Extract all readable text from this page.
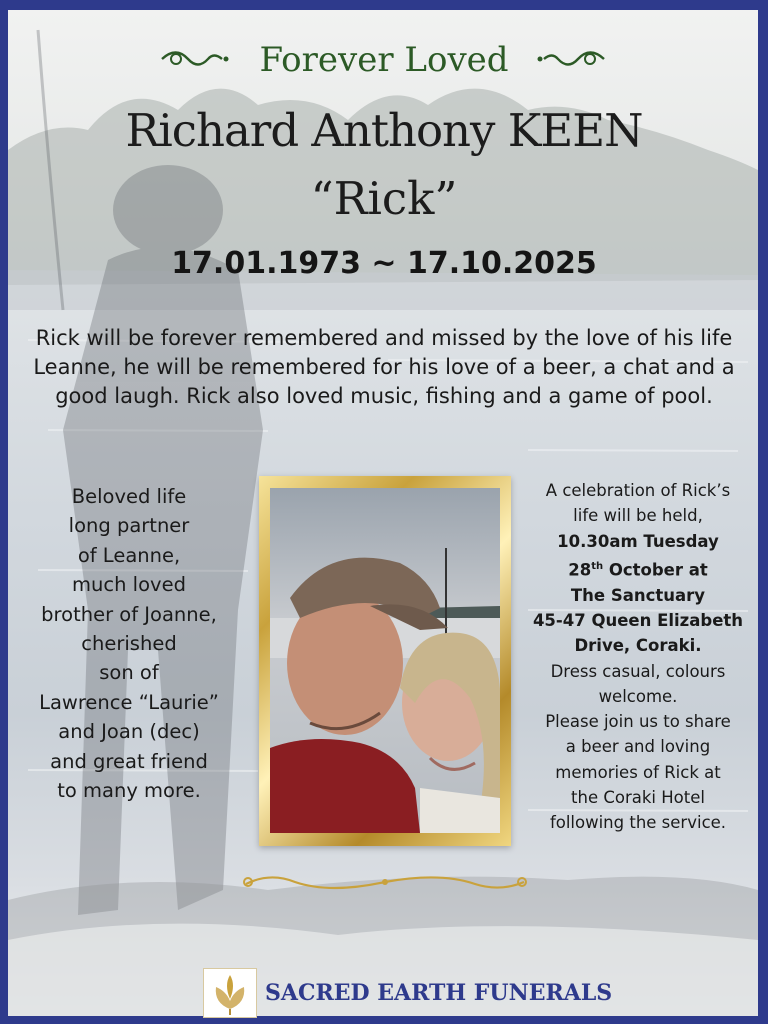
Forever Loved
Richard Anthony KEEN
“Rick”
17.01.1973 ~ 17.10.2025
Rick will be forever remembered and missed by the love of his life Leanne, he will be remembered for his love of a beer, a chat and a good laugh. Rick also loved music, fishing and a game of pool.
Beloved life
long partner
of Leanne,
much loved
brother of Joanne,
cherished
son of
Lawrence “Laurie”
and Joan (dec)
and great friend
to many more.
A celebration of Rick’s
life will be held,
10.30am Tuesday
28th October at
The Sanctuary
45-47 Queen Elizabeth
Drive, Coraki.
Dress casual, colours
welcome.
Please join us to share
a beer and loving
memories of Rick at
the Coraki Hotel
following the service.
SACRED EARTH FUNERALS
